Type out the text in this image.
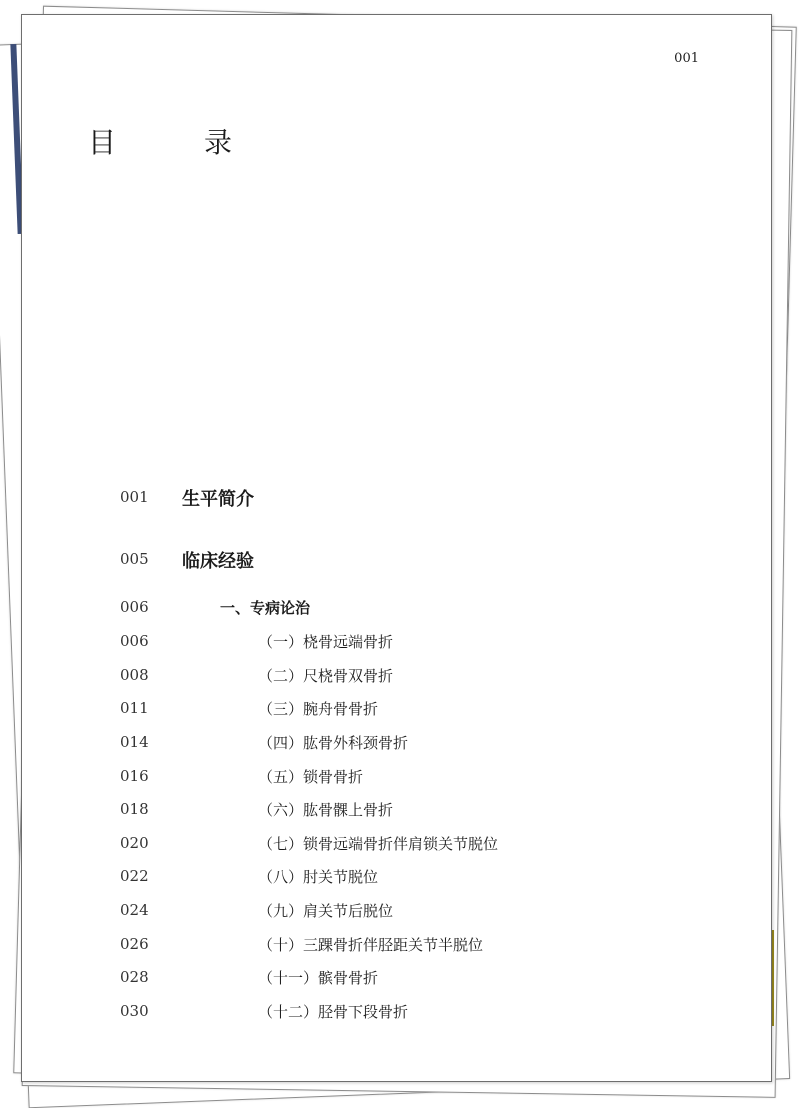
001
目　录
001 生平简介
005 临床经验
006	一、专病论治
006	（一）桡骨远端骨折
008	（二）尺桡骨双骨折
011	（三）腕舟骨骨折
014	（四）肱骨外科颈骨折
016	（五）锁骨骨折
018	（六）肱骨髁上骨折
020	（七）锁骨远端骨折伴肩锁关节脱位
022	（八）肘关节脱位
024	（九）肩关节后脱位
026	（十）三踝骨折伴胫距关节半脱位
028	（十一）髌骨骨折
030	（十二）胫骨下段骨折
